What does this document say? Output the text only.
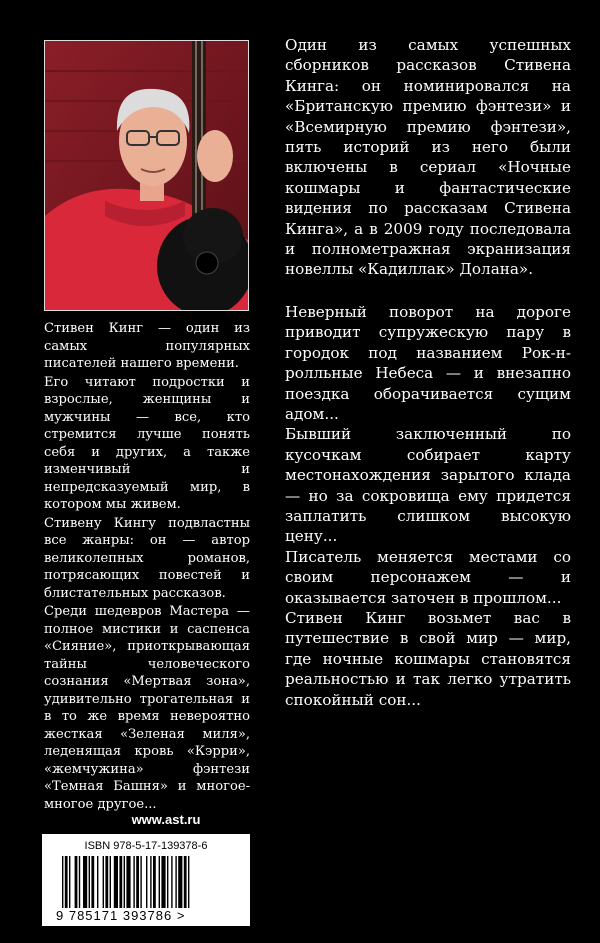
Стивен Кинг — один из самых популярных писателей нашего времени.

Его читают подростки и взрослые, женщины и мужчины — все, кто стремится лучше понять себя и других, а также изменчивый и непредсказуемый мир, в котором мы живем.

Стивену Кингу подвластны все жанры: он — автор великолепных романов, потрясающих повестей и блистательных рассказов.

Среди шедевров Мастера — полное мистики и саспенса «Сияние», приоткрывающая тайны человеческого сознания «Мертвая зона», удивительно трогательная и в то же время невероятно жесткая «Зеленая миля», леденящая кровь «Кэрри», «жемчужина» фэнтези «Темная Башня» и многое-многое другое...

Один из самых успешных сборников рассказов Стивена Кинга: он номинировался на «Британскую премию фэнтези» и «Всемирную премию фэнтези», пять историй из него были включены в сериал «Ночные кошмары и фантастические видения по рассказам Стивена Кинга», а в 2009 году последовала и полнометражная экранизация новеллы «Кадиллак» Долана».

Неверный поворот на дороге приводит супружескую пару в городок под названием Рок-н-ролльные Небеса — и внезапно поездка оборачивается сущим адом...

Бывший заключенный по кусочкам собирает карту местонахождения зарытого клада — но за сокровища ему придется заплатить слишком высокую цену...

Писатель меняется местами со своим персонажем — и оказывается заточен в прошлом...

Стивен Кинг возьмет вас в путешествие в свой мир — мир, где ночные кошмары становятся реальностью и так легко утратить спокойный сон...

www.ast.ru
ISBN 978-5-17-139378-6
9 785171 393786 >
